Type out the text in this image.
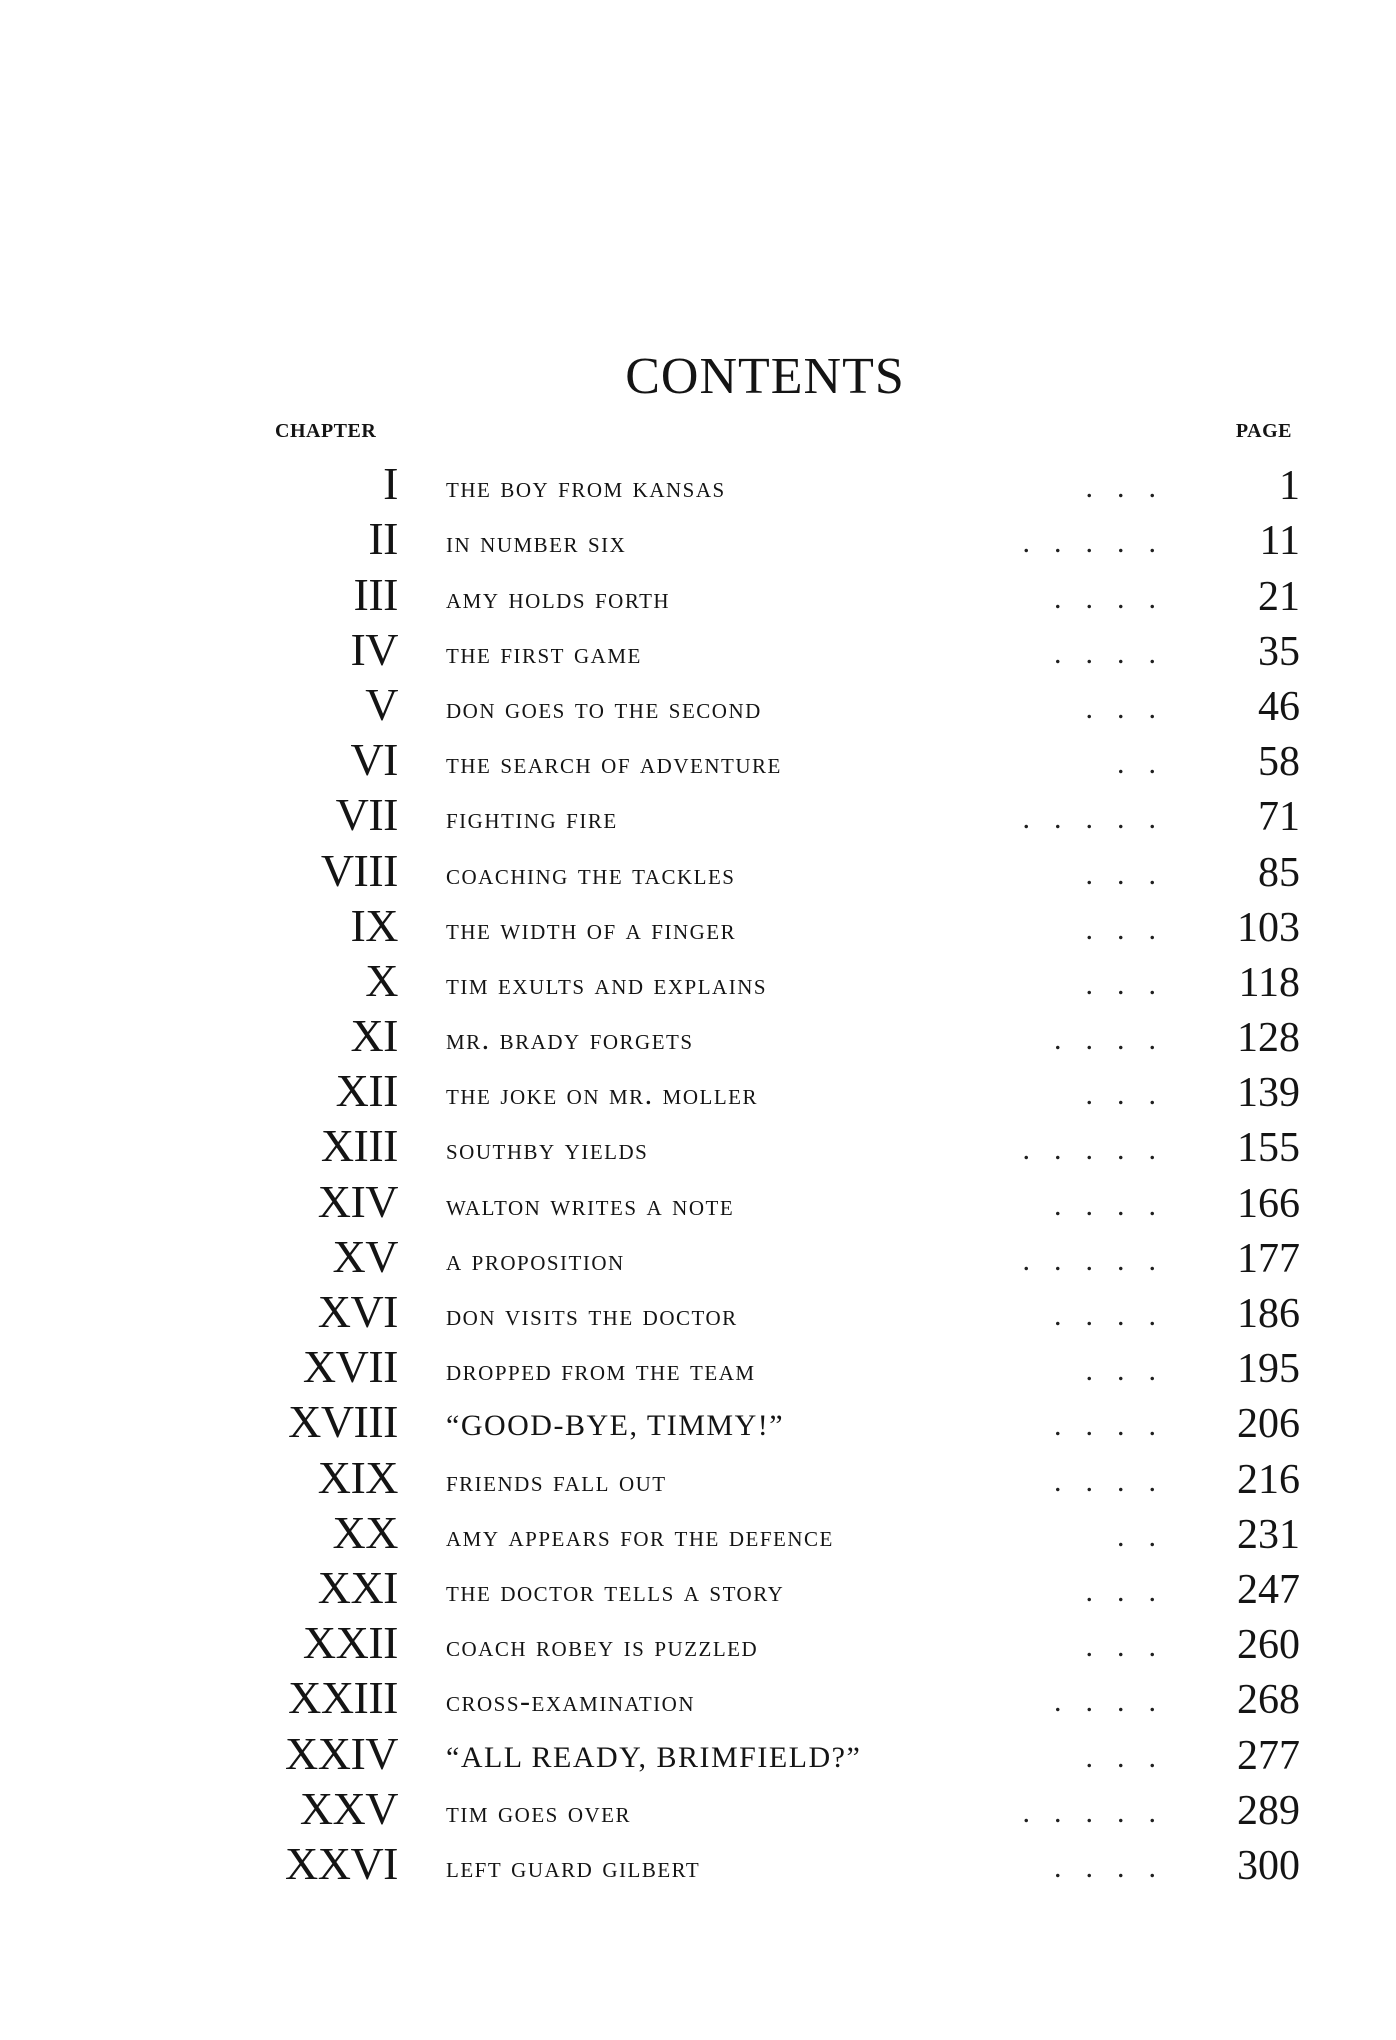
CONTENTS
CHAPTER	PAGE
I the boy from kansas	... 1
II in number six	..... 11
III amy holds forth	.... 21
IV the first game	.... 35
V don goes to the second	... 46
VI the search of adventure	.. 58
VII fighting fire	..... 71
VIII coaching the tackles	... 85
IX the width of a finger	... 103
X tim exults and explains	... 118
XI mr. brady forgets	.... 128
XII the joke on mr. moller	... 139
XIII southby yields	..... 155
XIV walton writes a note	.... 166
XV a proposition	..... 177
XVI don visits the doctor	.... 186
XVII dropped from the team	... 195
XVIII “GOOD-BYE, TIMMY!”	.... 206
XIX friends fall out	.... 216
XX amy appears for the defence	.. 231
XXI the doctor tells a story	... 247
XXII coach robey is puzzled	... 260
XXIII cross-examination	.... 268
XXIV “ALL READY, BRIMFIELD?”	... 277
XXV tim goes over	..... 289
XXVI left guard gilbert	.... 300
